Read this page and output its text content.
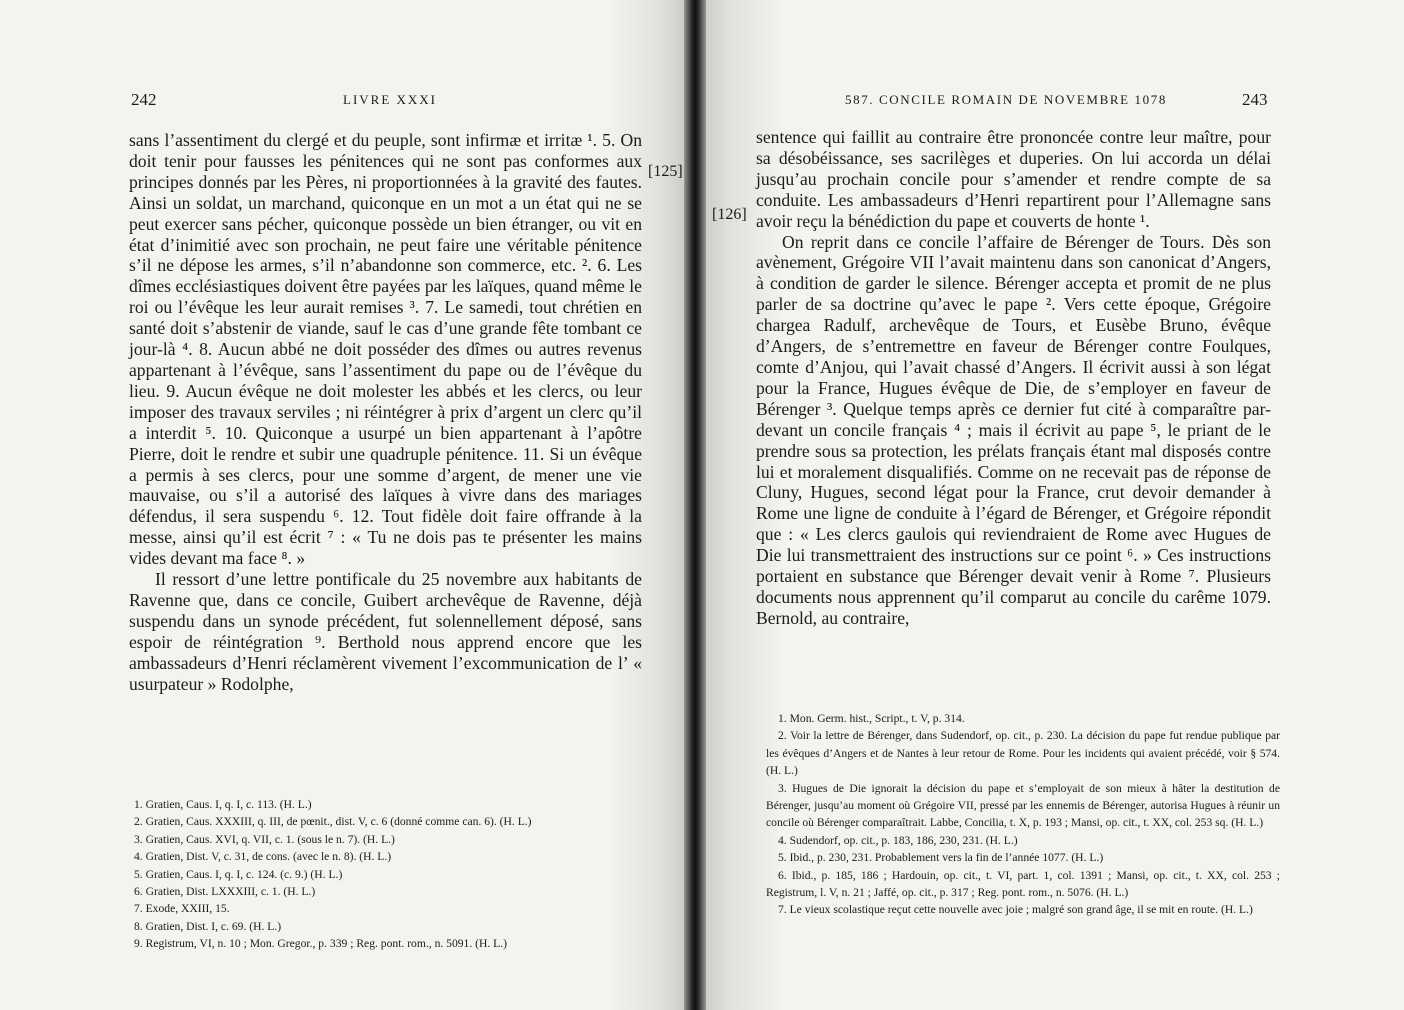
242	LIVRE XXXI

sans l’assentiment du clergé et du peuple, sont infirmæ et irritæ ¹. 5. On doit tenir pour fausses les pénitences qui ne sont pas conformes aux principes donnés par les Pères, ni proportionnées à la gravité des fautes. Ainsi un soldat, un marchand, quiconque en un mot a un état qui ne se peut exercer sans pécher, quiconque possède un bien étranger, ou vit en état d’inimitié avec son prochain, ne peut faire une véritable pénitence s’il ne dépose les armes, s’il n’abandonne son commerce, etc. ². 6. Les dîmes ecclésiastiques doivent être payées par les laïques, quand même le roi ou l’évêque les leur aurait remises ³. 7. Le samedi, tout chrétien en santé doit s’abstenir de viande, sauf le cas d’une grande fête tombant ce jour-là ⁴. 8. Aucun abbé ne doit posséder des dîmes ou autres revenus appartenant à l’évêque, sans l’assentiment du pape ou de l’évêque du lieu. 9. Aucun évêque ne doit molester les abbés et les clercs, ou leur imposer des travaux serviles ; ni réintégrer à prix d’argent un clerc qu’il a interdit ⁵. 10. Quiconque a usurpé un bien appartenant à l’apôtre Pierre, doit le rendre et subir une quadruple pénitence. 11. Si un évêque a permis à ses clercs, pour une somme d’argent, de mener une vie mauvaise, ou s’il a autorisé des laïques à vivre dans des mariages défendus, il sera suspendu ⁶. 12. Tout fidèle doit faire offrande à la messe, ainsi qu’il est écrit ⁷ : « Tu ne dois pas te présenter les mains vides devant ma face ⁸. »

Il ressort d’une lettre pontificale du 25 novembre aux habitants de Ravenne que, dans ce concile, Guibert archevêque de Ravenne, déjà suspendu dans un synode précédent, fut solennellement déposé, sans espoir de réintégration ⁹. Berthold nous apprend encore que les ambassadeurs d’Henri réclamèrent vivement l’excommunication de l’ « usurpateur » Rodolphe,

1. Gratien, Caus. I, q. I, c. 113. (H. L.)

2. Gratien, Caus. XXXIII, q. III, de pœnit., dist. V, c. 6 (donné comme can. 6). (H. L.)

3. Gratien, Caus. XVI, q. VII, c. 1. (sous le n. 7). (H. L.)

4. Gratien, Dist. V, c. 31, de cons. (avec le n. 8). (H. L.)

5. Gratien, Caus. I, q. I, c. 124. (c. 9.) (H. L.)

6. Gratien, Dist. LXXXIII, c. 1. (H. L.)

7. Exode, XXIII, 15.

8. Gratien, Dist. I, c. 69. (H. L.)

9. Registrum, VI, n. 10 ; Mon. Gregor., p. 339 ; Reg. pont. rom., n. 5091. (H. L.)

[125]
587. CONCILE ROMAIN DE NOVEMBRE 1078	243
[126]

sentence qui faillit au contraire être prononcée contre leur maître, pour sa désobéissance, ses sacrilèges et duperies. On lui accorda un délai jusqu’au prochain concile pour s’amender et rendre compte de sa conduite. Les ambassadeurs d’Henri repartirent pour l’Allemagne sans avoir reçu la bénédiction du pape et couverts de honte ¹.

On reprit dans ce concile l’affaire de Bérenger de Tours. Dès son avènement, Grégoire VII l’avait maintenu dans son canonicat d’Angers, à condition de garder le silence. Bérenger accepta et promit de ne plus parler de sa doctrine qu’avec le pape ². Vers cette époque, Grégoire chargea Radulf, archevêque de Tours, et Eusèbe Bruno, évêque d’Angers, de s’entremettre en faveur de Bérenger contre Foulques, comte d’Anjou, qui l’avait chassé d’Angers. Il écrivit aussi à son légat pour la France, Hugues évêque de Die, de s’employer en faveur de Bérenger ³. Quelque temps après ce dernier fut cité à comparaître par-devant un concile français ⁴ ; mais il écrivit au pape ⁵, le priant de le prendre sous sa protection, les prélats français étant mal disposés contre lui et moralement disqualifiés. Comme on ne recevait pas de réponse de Cluny, Hugues, second légat pour la France, crut devoir demander à Rome une ligne de conduite à l’égard de Bérenger, et Grégoire répondit que : « Les clercs gaulois qui reviendraient de Rome avec Hugues de Die lui transmettraient des instructions sur ce point ⁶. » Ces instructions portaient en substance que Bérenger devait venir à Rome ⁷. Plusieurs documents nous apprennent qu’il comparut au concile du carême 1079. Bernold, au contraire,

1. Mon. Germ. hist., Script., t. V, p. 314.

2. Voir la lettre de Bérenger, dans Sudendorf, op. cit., p. 230. La décision du pape fut rendue publique par les évêques d’Angers et de Nantes à leur retour de Rome. Pour les incidents qui avaient précédé, voir § 574. (H. L.)

3. Hugues de Die ignorait la décision du pape et s’employait de son mieux à hâter la destitution de Bérenger, jusqu’au moment où Grégoire VII, pressé par les ennemis de Bérenger, autorisa Hugues à réunir un concile où Bérenger comparaîtrait. Labbe, Concilia, t. X, p. 193 ; Mansi, op. cit., t. XX, col. 253 sq. (H. L.)

4. Sudendorf, op. cit., p. 183, 186, 230, 231. (H. L.)

5. Ibid., p. 230, 231. Probablement vers la fin de l’année 1077. (H. L.)

6. Ibid., p. 185, 186 ; Hardouin, op. cit., t. VI, part. 1, col. 1391 ; Mansi, op. cit., t. XX, col. 253 ; Registrum, l. V, n. 21 ; Jaffé, op. cit., p. 317 ; Reg. pont. rom., n. 5076. (H. L.)

7. Le vieux scolastique reçut cette nouvelle avec joie ; malgré son grand âge, il se mit en route. (H. L.)
